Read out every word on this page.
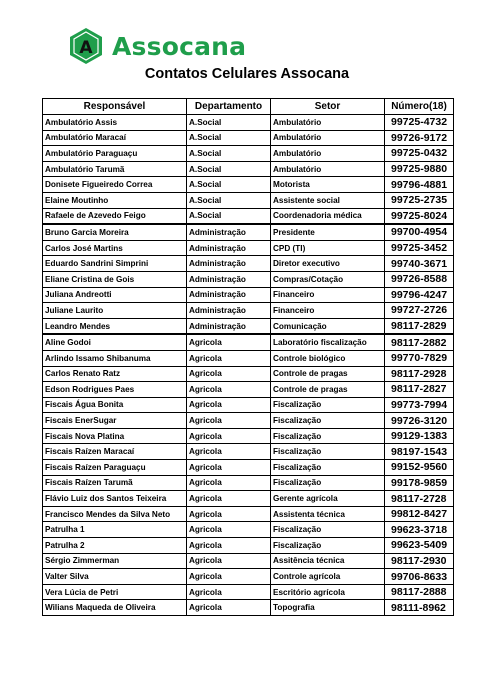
A Assocana
Contatos Celulares Assocana
Responsável	Departamento	Setor	Número(18)
Ambulatório Assis	A.Social	Ambulatório	99725-4732
Ambulatório Maracaí	A.Social	Ambulatório	99726-9172
Ambulatório Paraguaçu	A.Social	Ambulatório	99725-0432
Ambulatório Tarumã	A.Social	Ambulatório	99725-9880
Donisete Figueiredo Correa	A.Social	Motorista	99796-4881
Elaine Moutinho	A.Social	Assistente social	99725-2735
Rafaele de Azevedo Feigo	A.Social	Coordenadoria médica	99725-8024
Bruno Garcia Moreira	Administração	Presidente	99700-4954
Carlos José Martins	Administração	CPD (TI)	99725-3452
Eduardo Sandrini Simprini	Administração	Diretor executivo	99740-3671
Eliane Cristina de Gois	Administração	Compras/Cotação	99726-8588
Juliana Andreotti	Administração	Financeiro	99796-4247
Juliane Laurito	Administração	Financeiro	99727-2726
Leandro Mendes	Administração	Comunicação	98117-2829
Aline Godoi	Agricola	Laboratório fiscalização	98117-2882
Arlindo Issamo Shibanuma	Agricola	Controle biológico	99770-7829
Carlos Renato Ratz	Agricola	Controle de pragas	98117-2928
Edson Rodrigues Paes	Agricola	Controle de pragas	98117-2827
Fiscais Água Bonita	Agricola	Fiscalização	99773-7994
Fiscais EnerSugar	Agricola	Fiscalização	99726-3120
Fiscais Nova Platina	Agricola	Fiscalização	99129-1383
Fiscais Raízen Maracaí	Agricola	Fiscalização	98197-1543
Fiscais Raízen Paraguaçu	Agricola	Fiscalização	99152-9560
Fiscais Raízen Tarumã	Agricola	Fiscalização	99178-9859
Flávio Luiz dos Santos Teixeira	Agricola	Gerente agrícola	98117-2728
Francisco Mendes da Silva Neto	Agricola	Assistenta técnica	99812-8427
Patrulha 1	Agricola	Fiscalização	99623-3718
Patrulha 2	Agricola	Fiscalização	99623-5409
Sérgio Zimmerman	Agricola	Assitência técnica	98117-2930
Valter Silva	Agricola	Controle agrícola	99706-8633
Vera Lúcia de Petri	Agricola	Escritório agrícola	98117-2888
Wilians Maqueda de Oliveira	Agricola	Topografia	98111-8962
